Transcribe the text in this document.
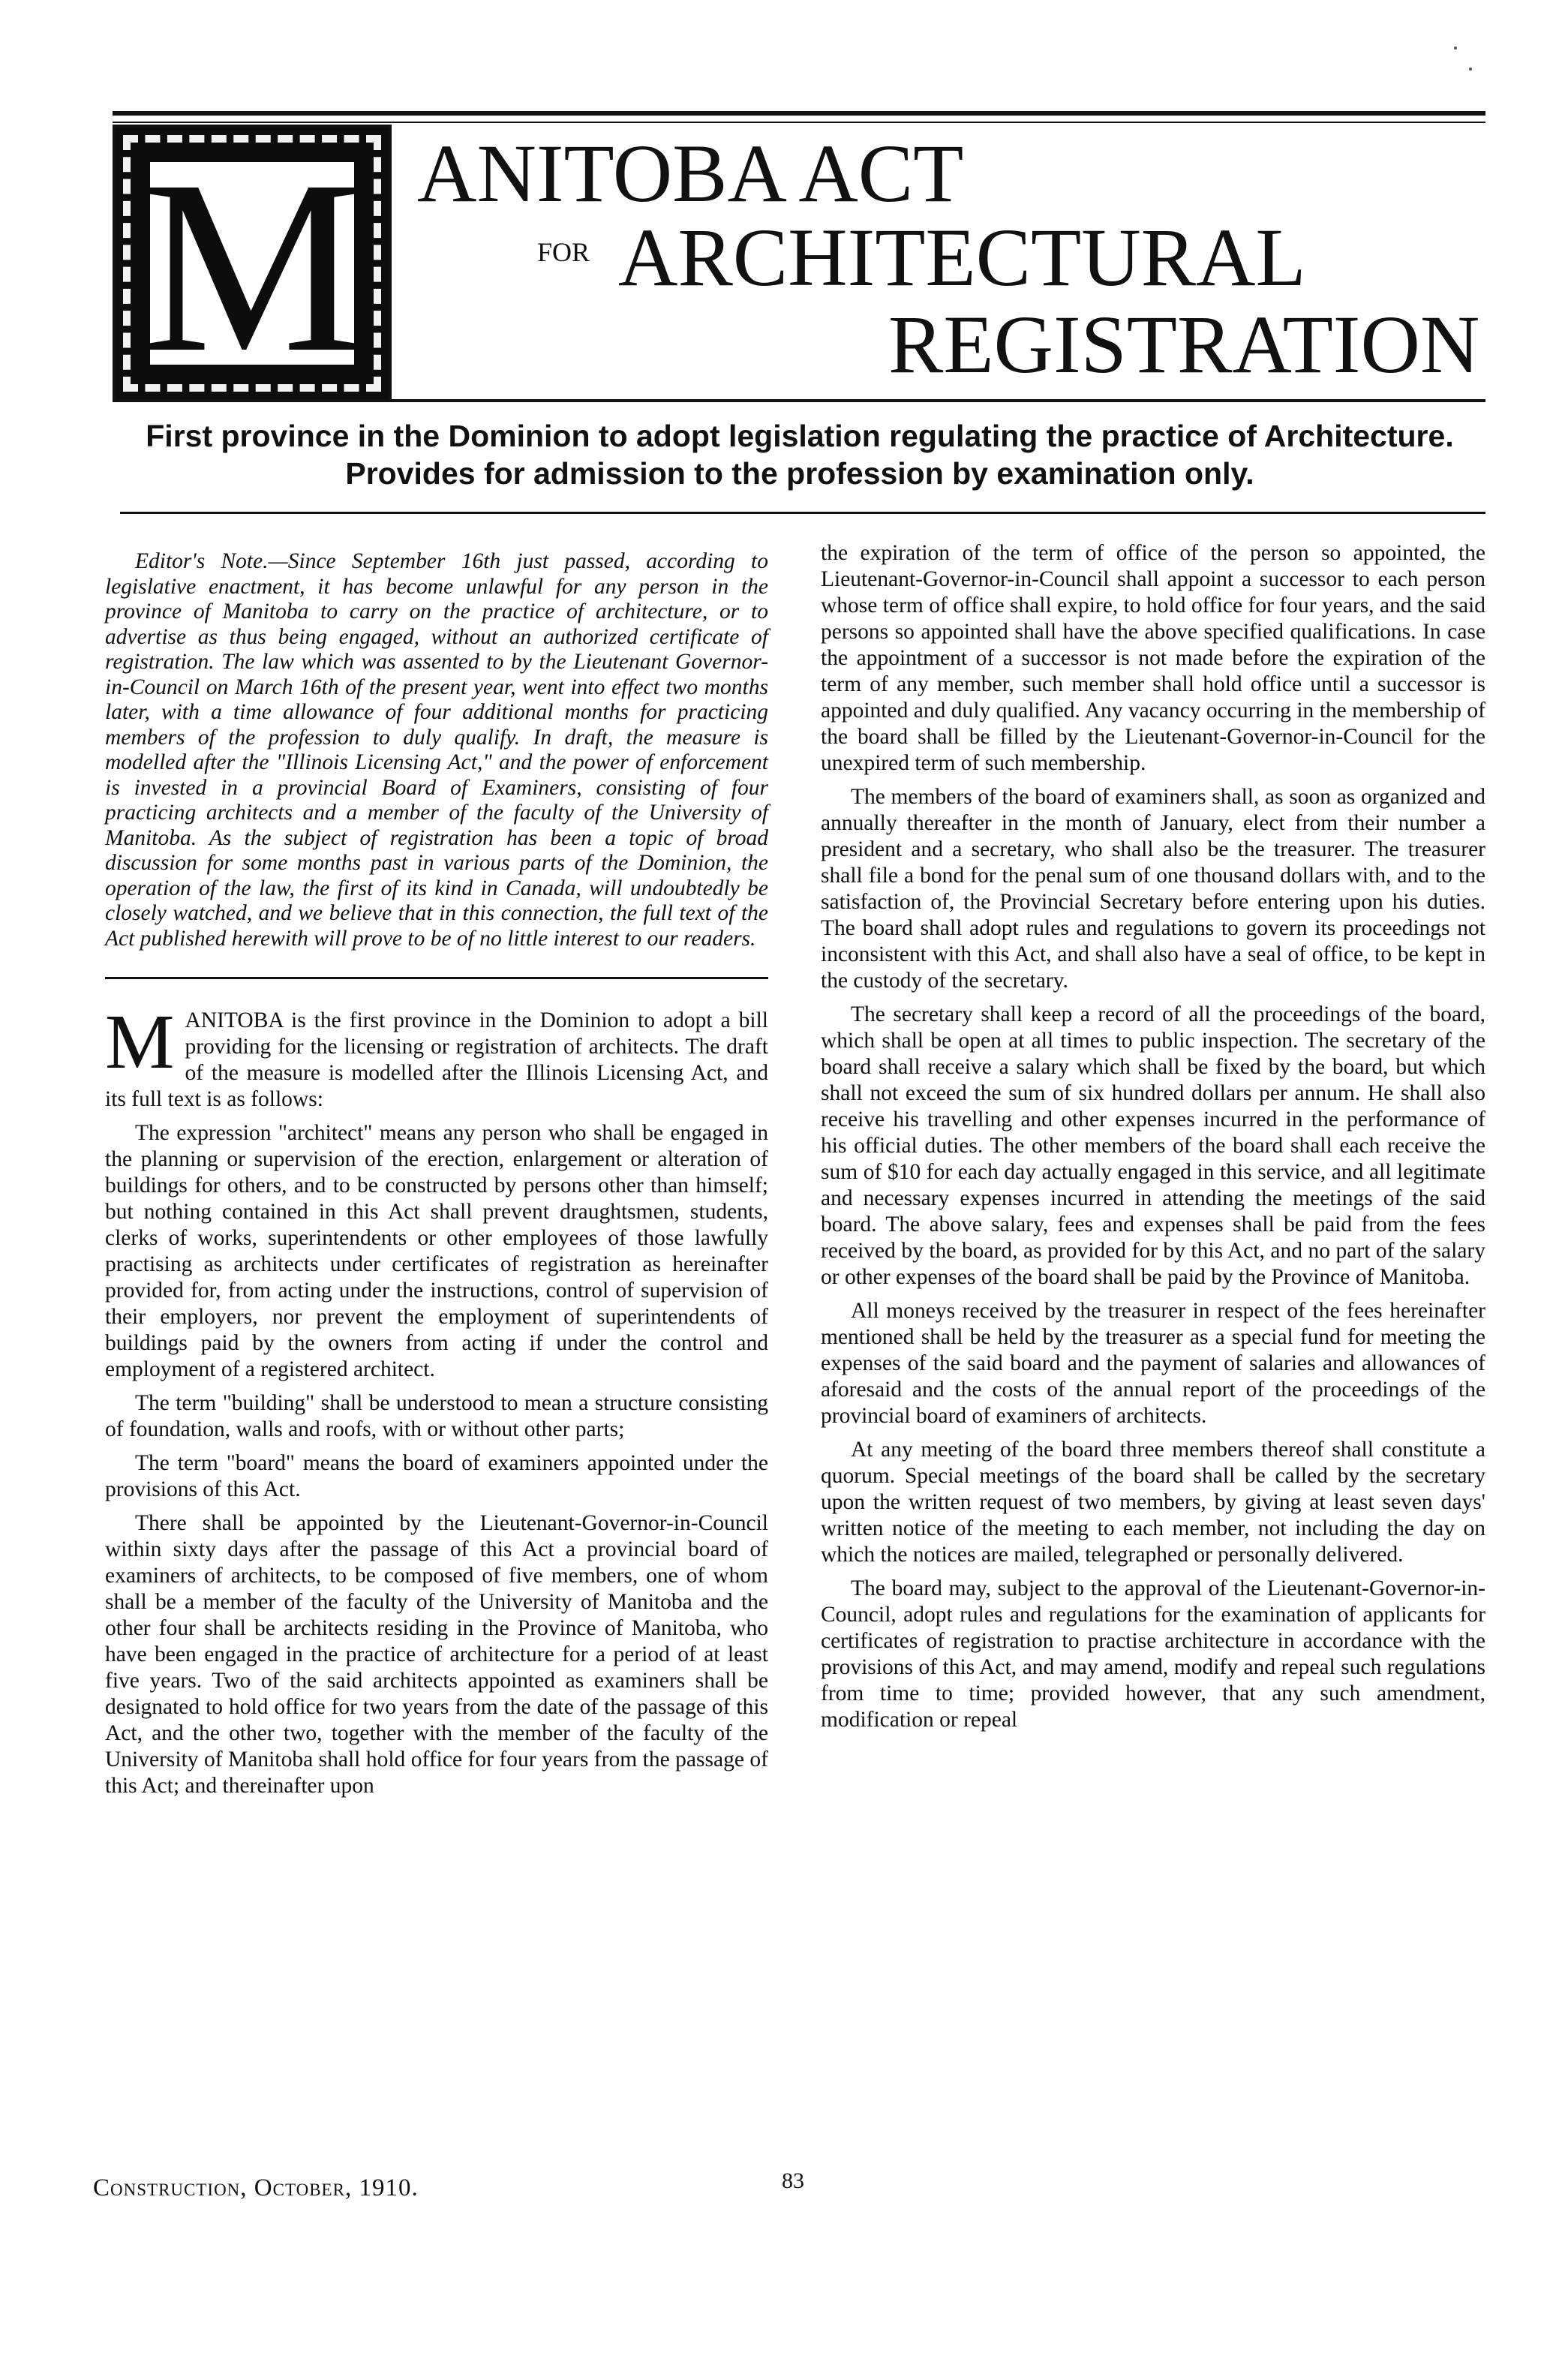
M ANITOBA ACT
FOR ARCHITECTURAL
REGISTRATION
First province in the Dominion to adopt legislation regulating the practice of Architecture. Provides for admission to the profession by examination only.

Editor's Note.—Since September 16th just passed, according to legislative enactment, it has become unlawful for any person in the province of Manitoba to carry on the practice of architecture, or to advertise as thus being engaged, without an authorized certificate of registration. The law which was assented to by the Lieutenant Governor-in-Council on March 16th of the present year, went into effect two months later, with a time allowance of four additional months for practicing members of the profession to duly qualify. In draft, the measure is modelled after the "Illinois Licensing Act," and the power of enforcement is invested in a provincial Board of Examiners, consisting of four practicing architects and a member of the faculty of the University of Manitoba. As the subject of registration has been a topic of broad discussion for some months past in various parts of the Dominion, the operation of the law, the first of its kind in Canada, will undoubtedly be closely watched, and we believe that in this connection, the full text of the Act published herewith will prove to be of no little interest to our readers.

MANITOBA is the first province in the Dominion to adopt a bill providing for the licensing or registration of architects. The draft of the measure is modelled after the Illinois Licensing Act, and its full text is as follows:

The expression "architect" means any person who shall be engaged in the planning or supervision of the erection, enlargement or alteration of buildings for others, and to be constructed by persons other than himself; but nothing contained in this Act shall prevent draughtsmen, students, clerks of works, superintendents or other employees of those lawfully practising as architects under certificates of registration as hereinafter provided for, from acting under the instructions, control of supervision of their employers, nor prevent the employment of superintendents of buildings paid by the owners from acting if under the control and employment of a registered architect.

The term "building" shall be understood to mean a structure consisting of foundation, walls and roofs, with or without other parts;

The term "board" means the board of examiners appointed under the provisions of this Act.

There shall be appointed by the Lieutenant-Governor-in-Council within sixty days after the passage of this Act a provincial board of examiners of architects, to be composed of five members, one of whom shall be a member of the faculty of the University of Manitoba and the other four shall be architects residing in the Province of Manitoba, who have been engaged in the practice of architecture for a period of at least five years. Two of the said architects appointed as examiners shall be designated to hold office for two years from the date of the passage of this Act, and the other two, together with the member of the faculty of the University of Manitoba shall hold office for four years from the passage of this Act; and thereinafter upon

the expiration of the term of office of the person so appointed, the Lieutenant-Governor-in-Council shall appoint a successor to each person whose term of office shall expire, to hold office for four years, and the said persons so appointed shall have the above specified qualifications. In case the appointment of a successor is not made before the expiration of the term of any member, such member shall hold office until a successor is appointed and duly qualified. Any vacancy occurring in the membership of the board shall be filled by the Lieutenant-Governor-in-Council for the unexpired term of such membership.

The members of the board of examiners shall, as soon as organized and annually thereafter in the month of January, elect from their number a president and a secretary, who shall also be the treasurer. The treasurer shall file a bond for the penal sum of one thousand dollars with, and to the satisfaction of, the Provincial Secretary before entering upon his duties. The board shall adopt rules and regulations to govern its proceedings not inconsistent with this Act, and shall also have a seal of office, to be kept in the custody of the secretary.

The secretary shall keep a record of all the proceedings of the board, which shall be open at all times to public inspection. The secretary of the board shall receive a salary which shall be fixed by the board, but which shall not exceed the sum of six hundred dollars per annum. He shall also receive his travelling and other expenses incurred in the performance of his official duties. The other members of the board shall each receive the sum of $10 for each day actually engaged in this service, and all legitimate and necessary expenses incurred in attending the meetings of the said board. The above salary, fees and expenses shall be paid from the fees received by the board, as provided for by this Act, and no part of the salary or other expenses of the board shall be paid by the Province of Manitoba.

All moneys received by the treasurer in respect of the fees hereinafter mentioned shall be held by the treasurer as a special fund for meeting the expenses of the said board and the payment of salaries and allowances of aforesaid and the costs of the annual report of the proceedings of the provincial board of examiners of architects.

At any meeting of the board three members thereof shall constitute a quorum. Special meetings of the board shall be called by the secretary upon the written request of two members, by giving at least seven days' written notice of the meeting to each member, not including the day on which the notices are mailed, telegraphed or personally delivered.

The board may, subject to the approval of the Lieutenant-Governor-in-Council, adopt rules and regulations for the examination of applicants for certificates of registration to practise architecture in accordance with the provisions of this Act, and may amend, modify and repeal such regulations from time to time; provided however, that any such amendment, modification or repeal

83
Construction, October, 1910.
